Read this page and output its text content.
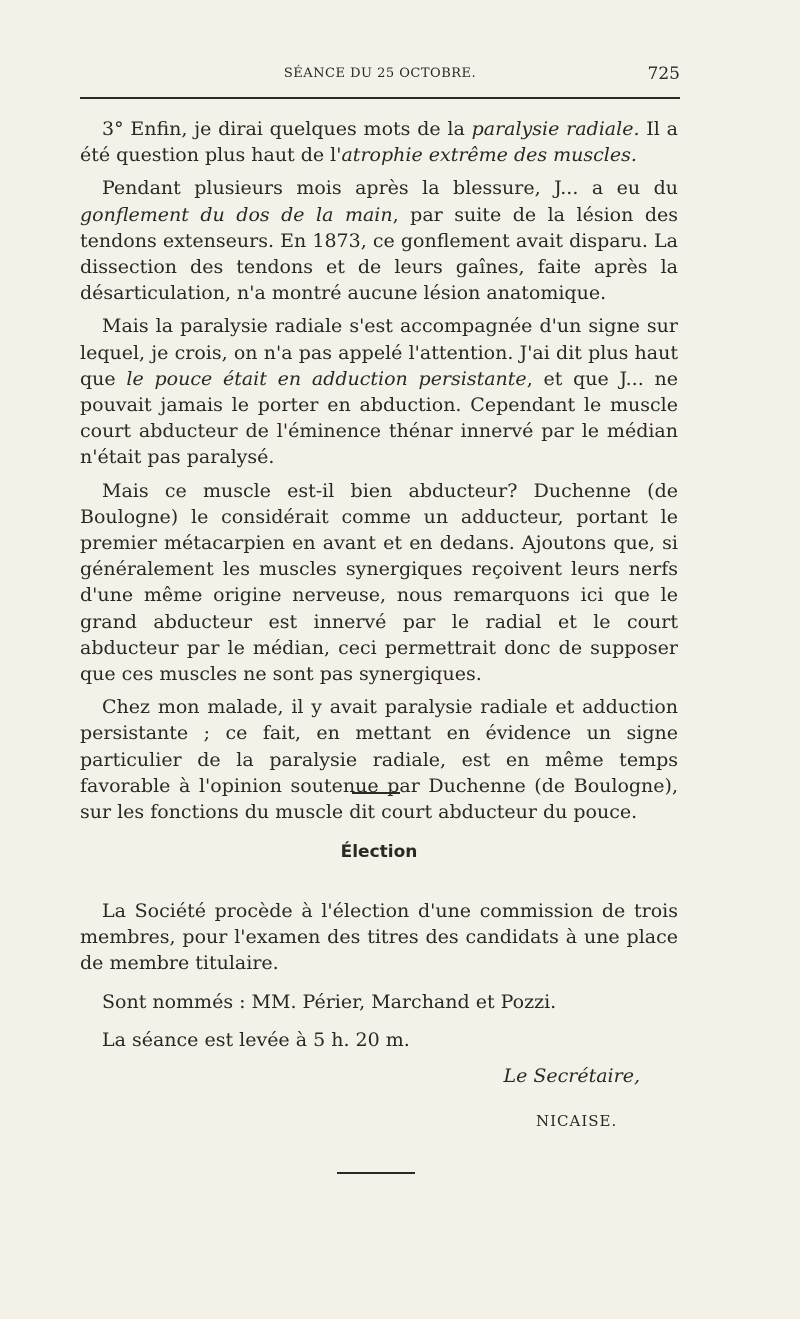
SÉANCE DU 25 OCTOBRE.	725

3° Enfin, je dirai quelques mots de la paralysie radiale. Il a été question plus haut de l'atrophie extrême des muscles.

Pendant plusieurs mois après la blessure, J... a eu du gonflement du dos de la main, par suite de la lésion des tendons extenseurs. En 1873, ce gonflement avait disparu. La dissection des tendons et de leurs gaînes, faite après la désarticulation, n'a montré aucune lésion anatomique.

Mais la paralysie radiale s'est accompagnée d'un signe sur lequel, je crois, on n'a pas appelé l'attention. J'ai dit plus haut que le pouce était en adduction persistante, et que J... ne pouvait jamais le porter en abduction. Cependant le muscle court abducteur de l'éminence thénar innervé par le médian n'était pas paralysé.

Mais ce muscle est-il bien abducteur? Duchenne (de Boulogne) le considérait comme un adducteur, portant le premier métacarpien en avant et en dedans. Ajoutons que, si généralement les muscles synergiques reçoivent leurs nerfs d'une même origine nerveuse, nous remarquons ici que le grand abducteur est innervé par le radial et le court abducteur par le médian, ceci permettrait donc de supposer que ces muscles ne sont pas synergiques.

Chez mon malade, il y avait paralysie radiale et adduction persistante ; ce fait, en mettant en évidence un signe particulier de la paralysie radiale, est en même temps favorable à l'opinion soutenue par Duchenne (de Boulogne), sur les fonctions du muscle dit court abducteur du pouce.

Élection

La Société procède à l'élection d'une commission de trois membres, pour l'examen des titres des candidats à une place de membre titulaire.

Sont nommés : MM. Périer, Marchand et Pozzi.

La séance est levée à 5 h. 20 m.

Le Secrétaire,
NICAISE.
